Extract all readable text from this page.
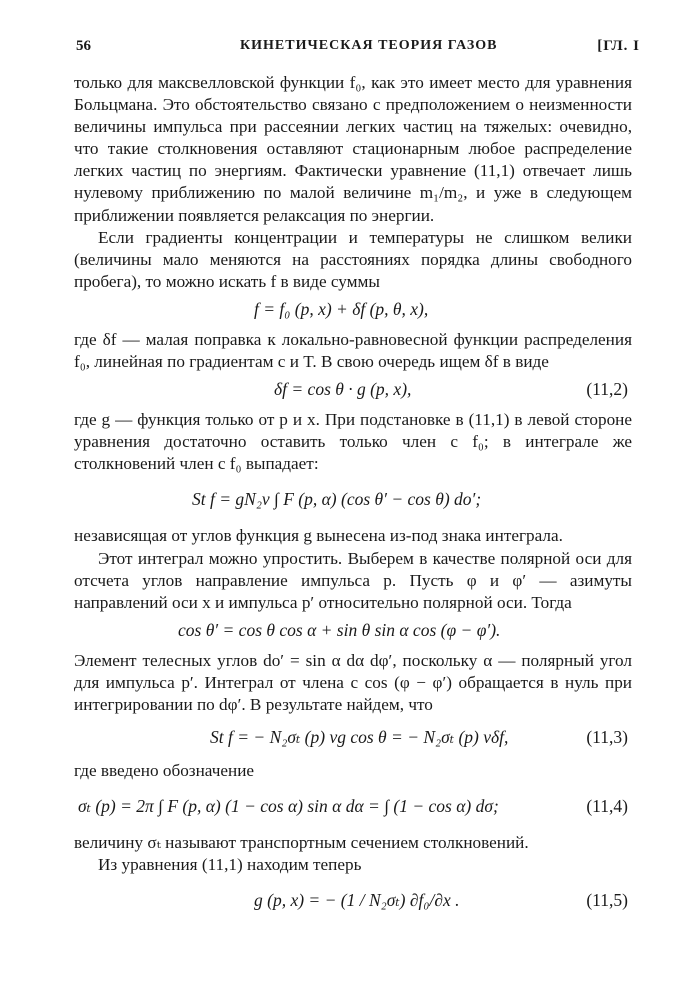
56	КИНЕТИЧЕСКАЯ ТЕОРИЯ ГАЗОВ	[ГЛ. I

только для максвелловской функции f₀, как это имеет место для уравнения Больцмана. Это обстоятельство связано с предположением о неизменности величины импульса при рассеянии легких частиц на тяжелых: очевидно, что такие столкновения оставляют стационарным любое распределение легких частиц по энергиям. Фактически уравнение (11,1) отвечает лишь нулевому приближению по малой величине m₁/m₂, и уже в следующем приближении появляется релаксация по энергии.

Если градиенты концентрации и температуры не слишком велики (величины мало меняются на расстояниях порядка длины свободного пробега), то можно искать f в виде суммы

f = f₀ (p, x) + δf (p, θ, x),

где δf — малая поправка к локально-равновесной функции распределения f₀, линейная по градиентам c и T. В свою очередь ищем δf в виде

δf = cos θ · g (p, x),	(11,2)

где g — функция только от p и x. При подстановке в (11,1) в левой стороне уравнения достаточно оставить только член с f₀; в интеграле же столкновений член с f₀ выпадает:

St f = gN₂v ∫ F (p, α) (cos θ′ − cos θ) do′;

независящая от углов функция g вынесена из-под знака интеграла.

Этот интеграл можно упростить. Выберем в качестве полярной оси для отсчета углов направление импульса p. Пусть φ и φ′ — азимуты направлений оси x и импульса p′ относительно полярной оси. Тогда

cos θ′ = cos θ cos α + sin θ sin α cos (φ − φ′).

Элемент телесных углов do′ = sin α dα dφ′, поскольку α — полярный угол для импульса p′. Интеграл от члена с cos (φ − φ′) обращается в нуль при интегрировании по dφ′. В результате найдем, что

St f = − N₂σₜ (p) vg cos θ = − N₂σₜ (p) vδf,	(11,3)

где введено обозначение

σₜ (p) = 2π ∫ F (p, α) (1 − cos α) sin α dα = ∫ (1 − cos α) dσ;	(11,4)

величину σₜ называют транспортным сечением столкновений.

Из уравнения (11,1) находим теперь

g (p, x) = − (1 / N₂σₜ) ∂f₀/∂x .	(11,5)
